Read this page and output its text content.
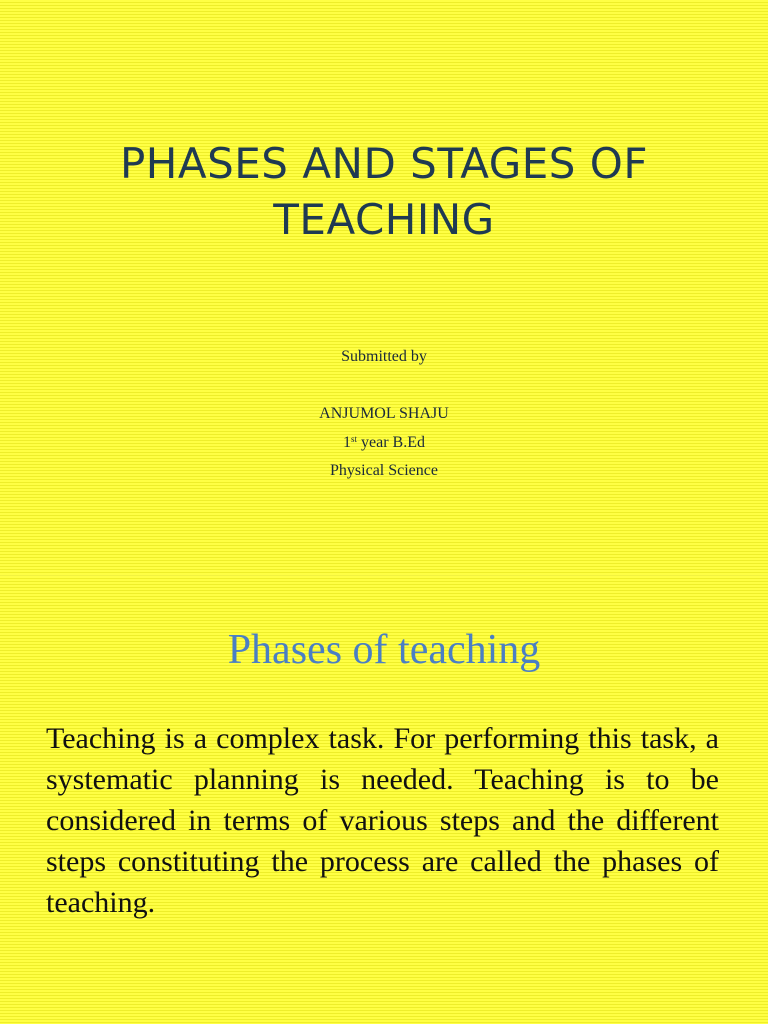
PHASES AND STAGES OF TEACHING

Submitted by

ANJUMOL SHAJU

1st year B.Ed

Physical Science

Phases of teaching

Teaching is a complex task. For performing this task, a systematic planning is needed. Teaching is to be considered in terms of various steps and the different steps constituting the process are called the phases of teaching.
